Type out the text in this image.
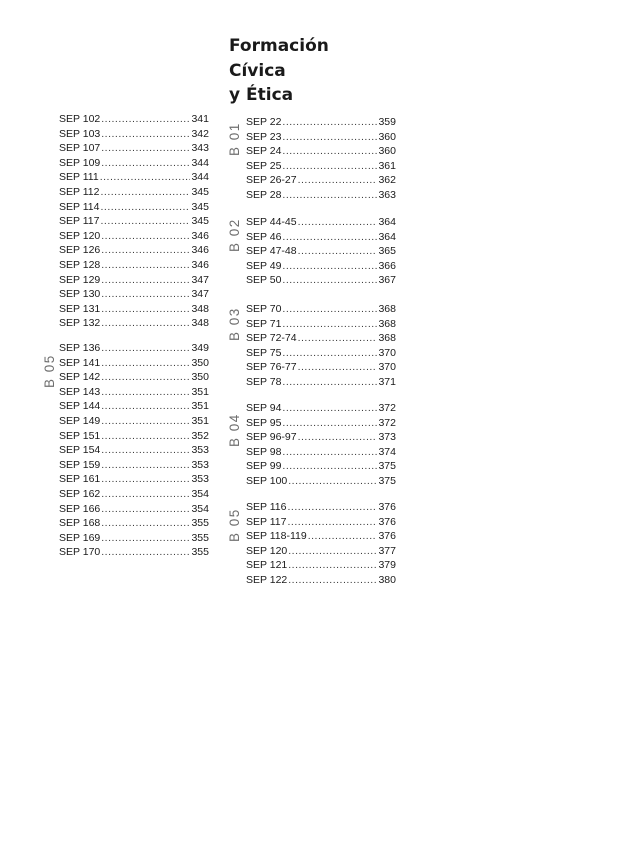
Formación
Cívica
y Ética
B 05
B 01
B 02
B 03
B 04
B 05
SEP 102 .....	341
SEP 103 .....	342
SEP 107 .....	343
SEP 109 .....	344
SEP 111 .....	344
SEP 112 .....	345
SEP 114 .....	345
SEP 117 .....	345
SEP 120 .....	346
SEP 126 .....	346
SEP 128 .....	346
SEP 129 .....	347
SEP 130 .....	347
SEP 131 .....	348
SEP 132 .....	348
SEP 136 .....	349
SEP 141 .....	350
SEP 142 .....	350
SEP 143 .....	351
SEP 144 .....	351
SEP 149 .....	351
SEP 151 .....	352
SEP 154 .....	353
SEP 159 .....	353
SEP 161 .....	353
SEP 162 .....	354
SEP 166 .....	354
SEP 168 .....	355
SEP 169 .....	355
SEP 170 .....	355
SEP 22 .....	359
SEP 23 .....	360
SEP 24 .....	360
SEP 25 .....	361
SEP 26-27 .....	362
SEP 28 .....	363
SEP 44-45 .....	364
SEP 46 .....	364
SEP 47-48 .....	365
SEP 49 .....	366
SEP 50 .....	367
SEP 70 .....	368
SEP 71 .....	368
SEP 72-74 .....	368
SEP 75 .....	370
SEP 76-77 .....	370
SEP 78 .....	371
SEP 94 .....	372
SEP 95 .....	372
SEP 96-97 .....	373
SEP 98 .....	374
SEP 99 .....	375
SEP 100 .....	375
SEP 116 .....	376
SEP 117 .....	376
SEP 118-119 .....	376
SEP 120 .....	377
SEP 121 .....	379
SEP 122 .....	380
